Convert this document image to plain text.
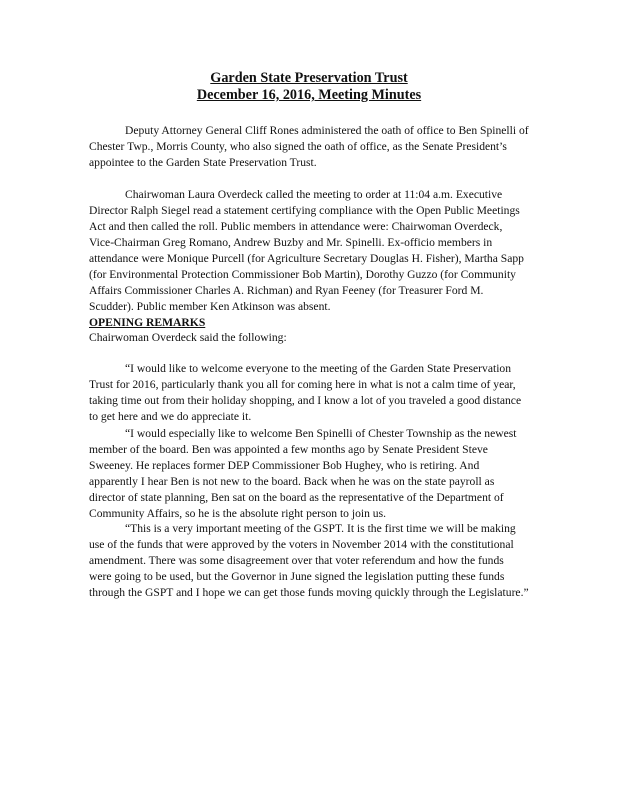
Garden State Preservation Trust
December 16, 2016, Meeting Minutes

Deputy Attorney General Cliff Rones administered the oath of office to Ben Spinelli of Chester Twp., Morris County, who also signed the oath of office, as the Senate President’s appointee to the Garden State Preservation Trust.

Chairwoman Laura Overdeck called the meeting to order at 11:04 a.m. Executive Director Ralph Siegel read a statement certifying compliance with the Open Public Meetings Act and then called the roll. Public members in attendance were: Chairwoman Overdeck, Vice-Chairman Greg Romano, Andrew Buzby and Mr. Spinelli. Ex-officio members in attendance were Monique Purcell (for Agriculture Secretary Douglas H. Fisher), Martha Sapp (for Environmental Protection Commissioner Bob Martin), Dorothy Guzzo (for Community Affairs Commissioner Charles A. Richman) and Ryan Feeney (for Treasurer Ford M. Scudder). Public member Ken Atkinson was absent.

OPENING REMARKS

Chairwoman Overdeck said the following:

“I would like to welcome everyone to the meeting of the Garden State Preservation Trust for 2016, particularly thank you all for coming here in what is not a calm time of year, taking time out from their holiday shopping, and I know a lot of you traveled a good distance to get here and we do appreciate it.

“I would especially like to welcome Ben Spinelli of Chester Township as the newest member of the board. Ben was appointed a few months ago by Senate President Steve Sweeney. He replaces former DEP Commissioner Bob Hughey, who is retiring. And apparently I hear Ben is not new to the board. Back when he was on the state payroll as director of state planning, Ben sat on the board as the representative of the Department of Community Affairs, so he is the absolute right person to join us.

“This is a very important meeting of the GSPT. It is the first time we will be making use of the funds that were approved by the voters in November 2014 with the constitutional amendment. There was some disagreement over that voter referendum and how the funds were going to be used, but the Governor in June signed the legislation putting these funds through the GSPT and I hope we can get those funds moving quickly through the Legislature.”
